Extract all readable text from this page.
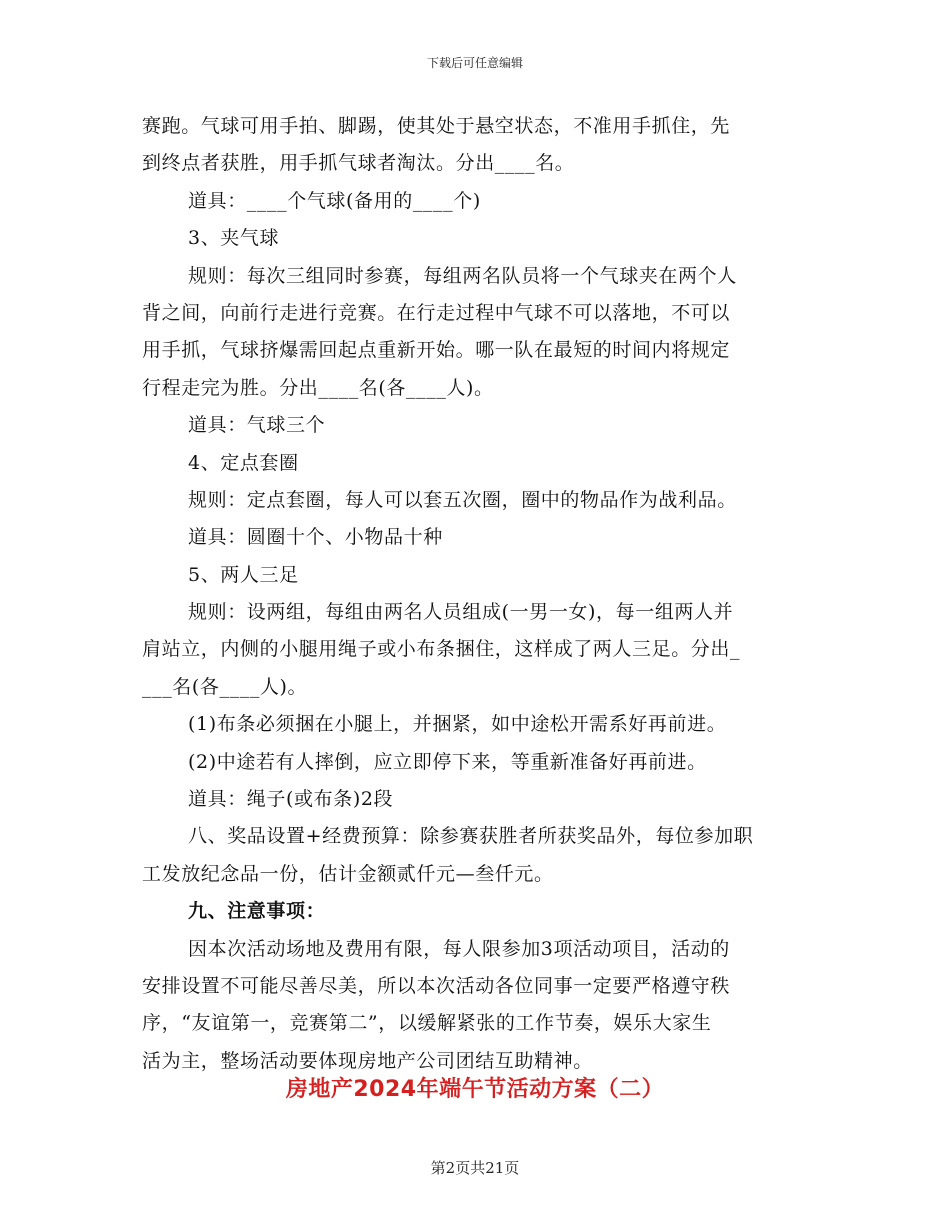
下载后可任意编辑
赛跑。气球可用手拍、脚踢，使其处于悬空状态，不准用手抓住，先
到终点者获胜，用手抓气球者淘汰。分出____名。
道具：____个气球(备用的____个)
3、夹气球
规则：每次三组同时参赛，每组两名队员将一个气球夹在两个人
背之间，向前行走进行竞赛。在行走过程中气球不可以落地，不可以
用手抓，气球挤爆需回起点重新开始。哪一队在最短的时间内将规定
行程走完为胜。分出____名(各____人)。
道具：气球三个
4、定点套圈
规则：定点套圈，每人可以套五次圈，圈中的物品作为战利品。
道具：圆圈十个、小物品十种
5、两人三足
规则：设两组，每组由两名人员组成(一男一女)，每一组两人并
肩站立，内侧的小腿用绳子或小布条捆住，这样成了两人三足。分出_
___名(各____人)。
(1)布条必须捆在小腿上，并捆紧，如中途松开需系好再前进。
(2)中途若有人摔倒，应立即停下来，等重新准备好再前进。
道具：绳子(或布条)2段
八、奖品设置+经费预算：除参赛获胜者所获奖品外，每位参加职
工发放纪念品一份，估计金额贰仟元—叁仟元。
九、注意事项：
因本次活动场地及费用有限，每人限参加3项活动项目，活动的
安排设置不可能尽善尽美，所以本次活动各位同事一定要严格遵守秩
序，“友谊第一，竞赛第二”，以缓解紧张的工作节奏，娱乐大家生
活为主，整场活动要体现房地产公司团结互助精神。
房地产2024年端午节活动方案（二）
第2页共21页
